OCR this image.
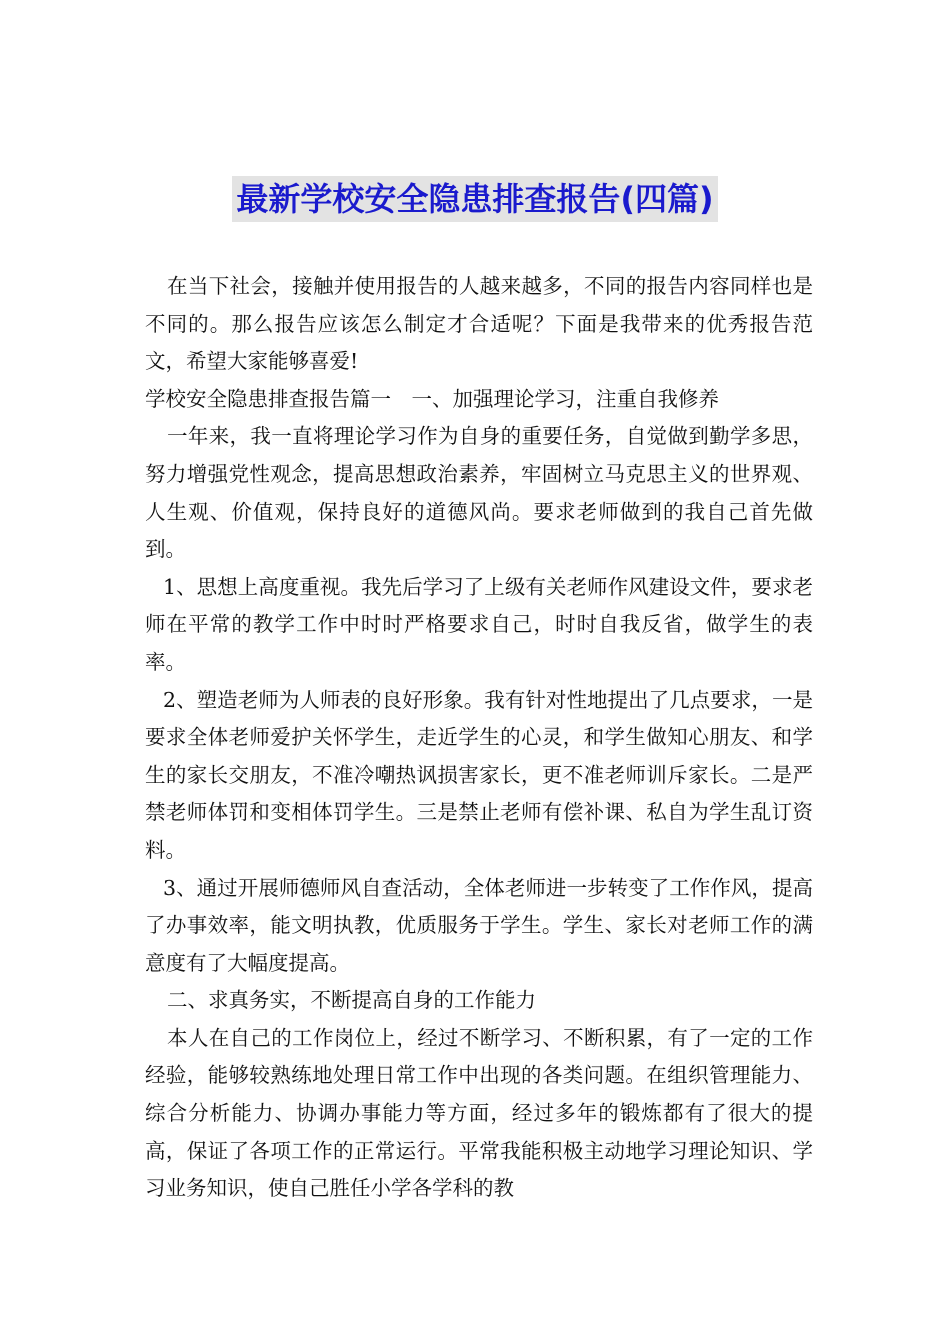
最新学校安全隐患排查报告(四篇)

在当下社会，接触并使用报告的人越来越多，不同的报告内容同样也是不同的。那么报告应该怎么制定才合适呢？下面是我带来的优秀报告范文，希望大家能够喜爱!

学校安全隐患排查报告篇一　一、加强理论学习，注重自我修养

一年来，我一直将理论学习作为自身的重要任务，自觉做到勤学多思，努力增强党性观念，提高思想政治素养，牢固树立马克思主义的世界观、人生观、价值观，保持良好的道德风尚。要求老师做到的我自己首先做到。

1、思想上高度重视。我先后学习了上级有关老师作风建设文件，要求老师在平常的教学工作中时时严格要求自己，时时自我反省，做学生的表率。

2、塑造老师为人师表的良好形象。我有针对性地提出了几点要求，一是要求全体老师爱护关怀学生，走近学生的心灵，和学生做知心朋友、和学生的家长交朋友，不准冷嘲热讽损害家长，更不准老师训斥家长。二是严禁老师体罚和变相体罚学生。三是禁止老师有偿补课、私自为学生乱订资料。

3、通过开展师德师风自查活动，全体老师进一步转变了工作作风，提高了办事效率，能文明执教，优质服务于学生。学生、家长对老师工作的满意度有了大幅度提高。

二、求真务实，不断提高自身的工作能力

本人在自己的工作岗位上，经过不断学习、不断积累，有了一定的工作经验，能够较熟练地处理日常工作中出现的各类问题。在组织管理能力、综合分析能力、协调办事能力等方面，经过多年的锻炼都有了很大的提高，保证了各项工作的正常运行。平常我能积极主动地学习理论知识、学习业务知识，使自己胜任小学各学科的教
